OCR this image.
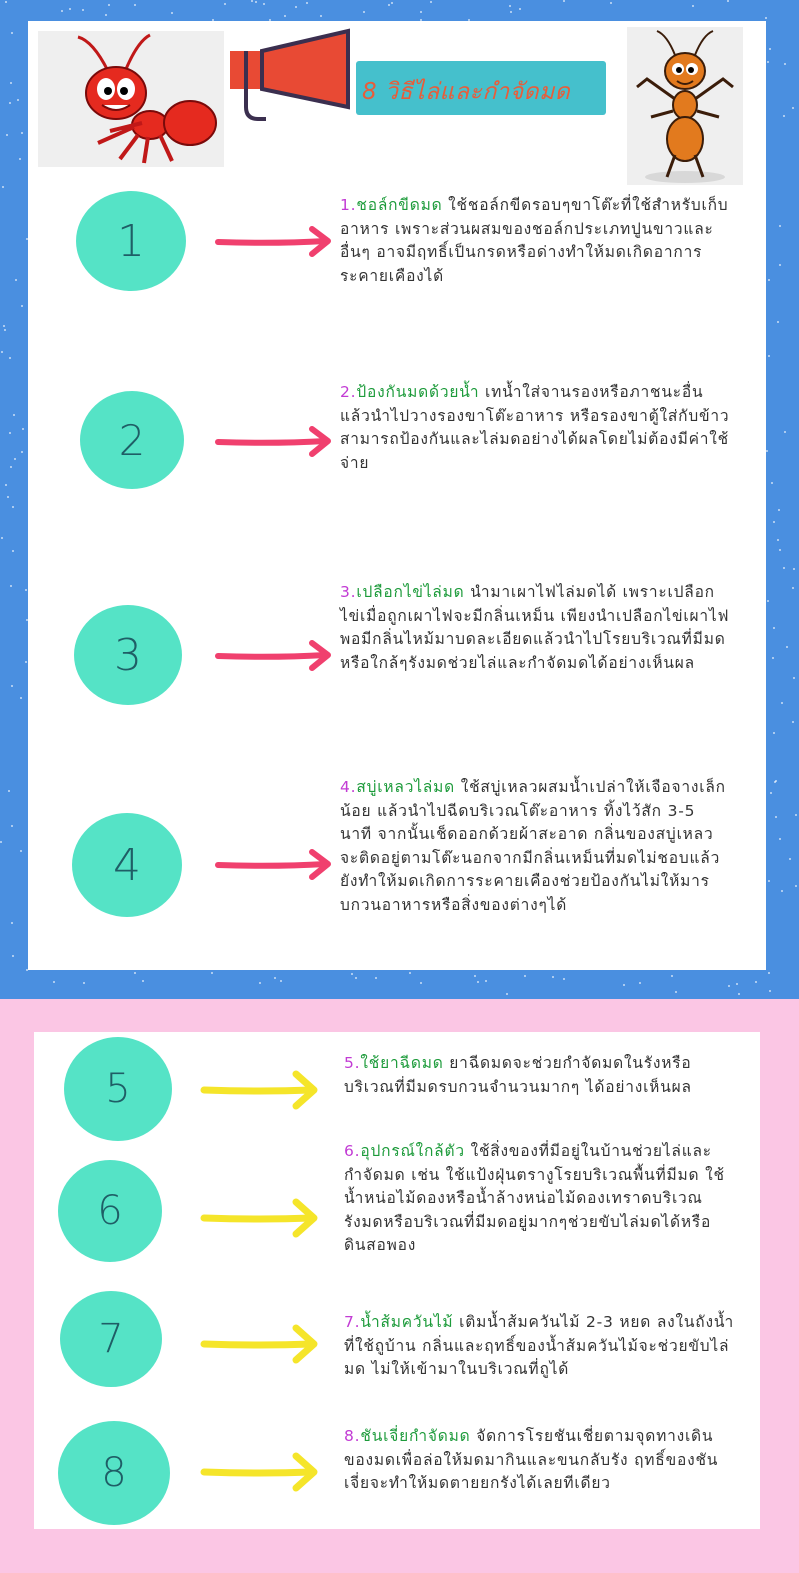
8 วิธีไล่และกำจัดมด
1
1.ชอล์กขีดมด ใช้ชอล์กขีดรอบๆขาโต๊ะที่ใช้สำหรับเก็บอาหาร เพราะส่วนผสมของชอล์กประเภทปูนขาวและอื่นๆ อาจมีฤทธิ์เป็นกรดหรือด่างทำให้มดเกิดอาการระคายเคืองได้
2
2.ป้องกันมดด้วยน้ำ เทน้ำใส่จานรองหรือภาชนะอื่นแล้วนำไปวางรองขาโต๊ะอาหาร หรือรองขาตู้ใส่กับข้าว สามารถป้องกันและไล่มดอย่างได้ผลโดยไม่ต้องมีค่าใช้จ่าย
3
3.เปลือกไข่ไล่มด นำมาเผาไฟไล่มดได้ เพราะเปลือกไข่เมื่อถูกเผาไฟจะมีกลิ่นเหม็น เพียงนำเปลือกไข่เผาไฟพอมีกลิ่นไหม้มาบดละเอียดแล้วนำไปโรยบริเวณที่มีมดหรือใกล้ๆรังมดช่วยไล่และกำจัดมดได้อย่างเห็นผล
4
4.สบู่เหลวไล่มด ใช้สบู่เหลวผสมน้ำเปล่าให้เจือจางเล็กน้อย แล้วนำไปฉีดบริเวณโต๊ะอาหาร ทิ้งไว้สัก 3-5 นาที จากนั้นเช็ดออกด้วยผ้าสะอาด กลิ่นของสบู่เหลวจะติดอยู่ตามโต๊ะนอกจากมีกลิ่นเหม็นที่มดไม่ชอบแล้ว ยังทำให้มดเกิดการระคายเคืองช่วยป้องกันไม่ให้มารบกวนอาหารหรือสิ่งของต่างๆได้
5
5.ใช้ยาฉีดมด ยาฉีดมดจะช่วยกำจัดมดในรังหรือบริเวณที่มีมดรบกวนจำนวนมากๆ ได้อย่างเห็นผล
6
6.อุปกรณ์ใกล้ตัว ใช้สิ่งของที่มีอยู่ในบ้านช่วยไล่และกำจัดมด เช่น ใช้แป้งฝุ่นตรางูโรยบริเวณพื้นที่มีมด ใช้น้ำหน่อไม้ดองหรือน้ำล้างหน่อไม้ดองเทราดบริเวณรังมดหรือบริเวณที่มีมดอยู่มากๆช่วยขับไล่มดได้หรือดินสอพอง
7	7.น้ำส้มควันไม้ เติมน้ำส้มควันไม้ 2-3 หยด ลงในถังน้ำที่ใช้ถูบ้าน กลิ่นและฤทธิ์ของน้ำส้มควันไม้จะช่วยขับไล่มด ไม่ให้เข้ามาในบริเวณที่ถูได้
8
8.ชันเจี่ยกำจัดมด จัดการโรยชันเชี่ยตามจุดทางเดินของมดเพื่อล่อให้มดมากินและขนกลับรัง ฤทธิ์ของชันเจี่ยจะทำให้มดตายยกรังได้เลยทีเดียว
